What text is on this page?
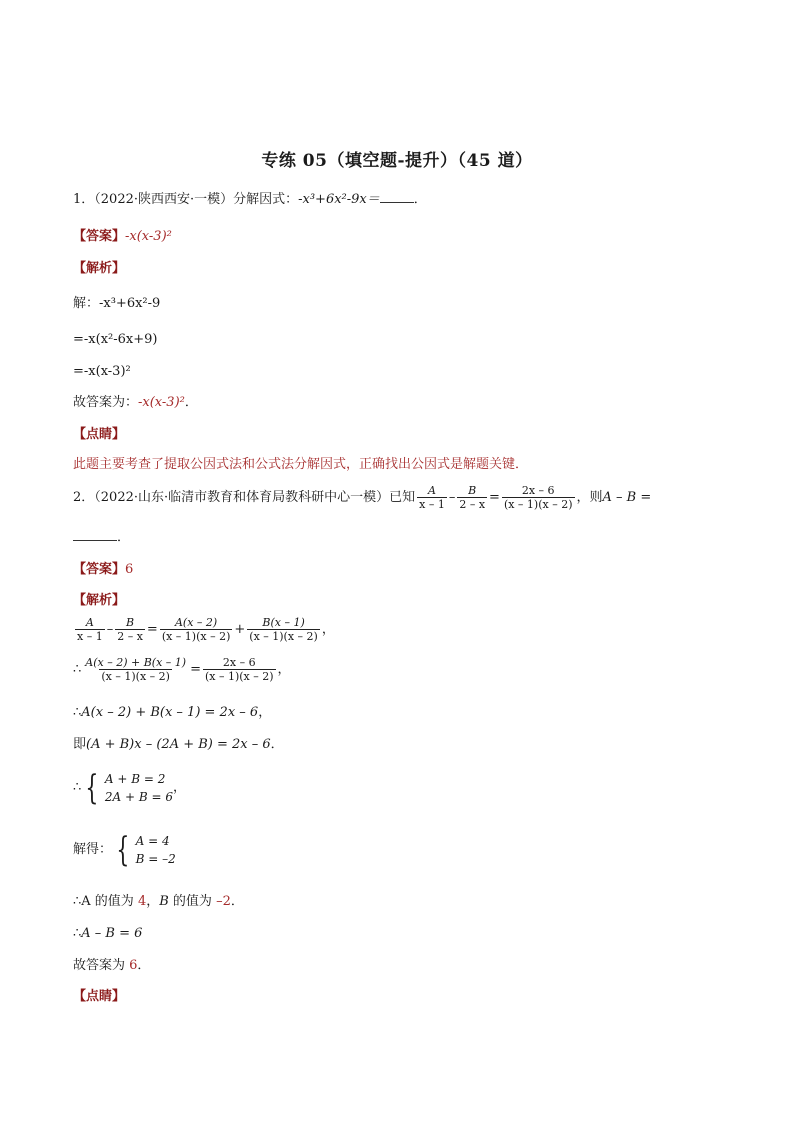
专练 05（填空题-提升）（45 道）
1．（2022·陕西西安·一模）分解因式：-x³+6x²-9x＝	．
【答案】-x(x-3)²
【解析】
解：-x³+6x²-9
=-x(x²-6x+9)
=-x(x-3)²
故答案为：-x(x-3)²．
【点睛】
此题主要考查了提取公因式法和公式法分解因式，正确找出公因式是解题关键．
2．（2022·山东·临清市教育和体育局教科研中心一模）已知 $\frac{A}{x - 1} - \frac{B}{2 - x} = \frac{2x - 6}{(x - 1)(x - 2)}$ ，则 A – B =
．
【答案】6
【解析】
$\frac{A}{x - 1} - \frac{B}{2 - x} = \frac{A(x - 2)}{(x - 1)(x - 2)} + \frac{B(x - 1)}{(x - 1)(x - 2)}$ ，
∴ $\frac{A(x - 2) + B(x - 1)}{(x - 1)(x - 2)} = \frac{2x - 6}{(x - 1)(x - 2)}$ ，
∴A(x – 2) + B(x – 1) = 2x – 6，
即(A + B)x – (2A + B) = 2x – 6．
∴ { A + B = 2
2A + B = 6
，
解得： { A = 4
B = –2
∴A 的值为 4，B 的值为 –2．
∴A – B = 6
故答案为 6．
【点睛】
